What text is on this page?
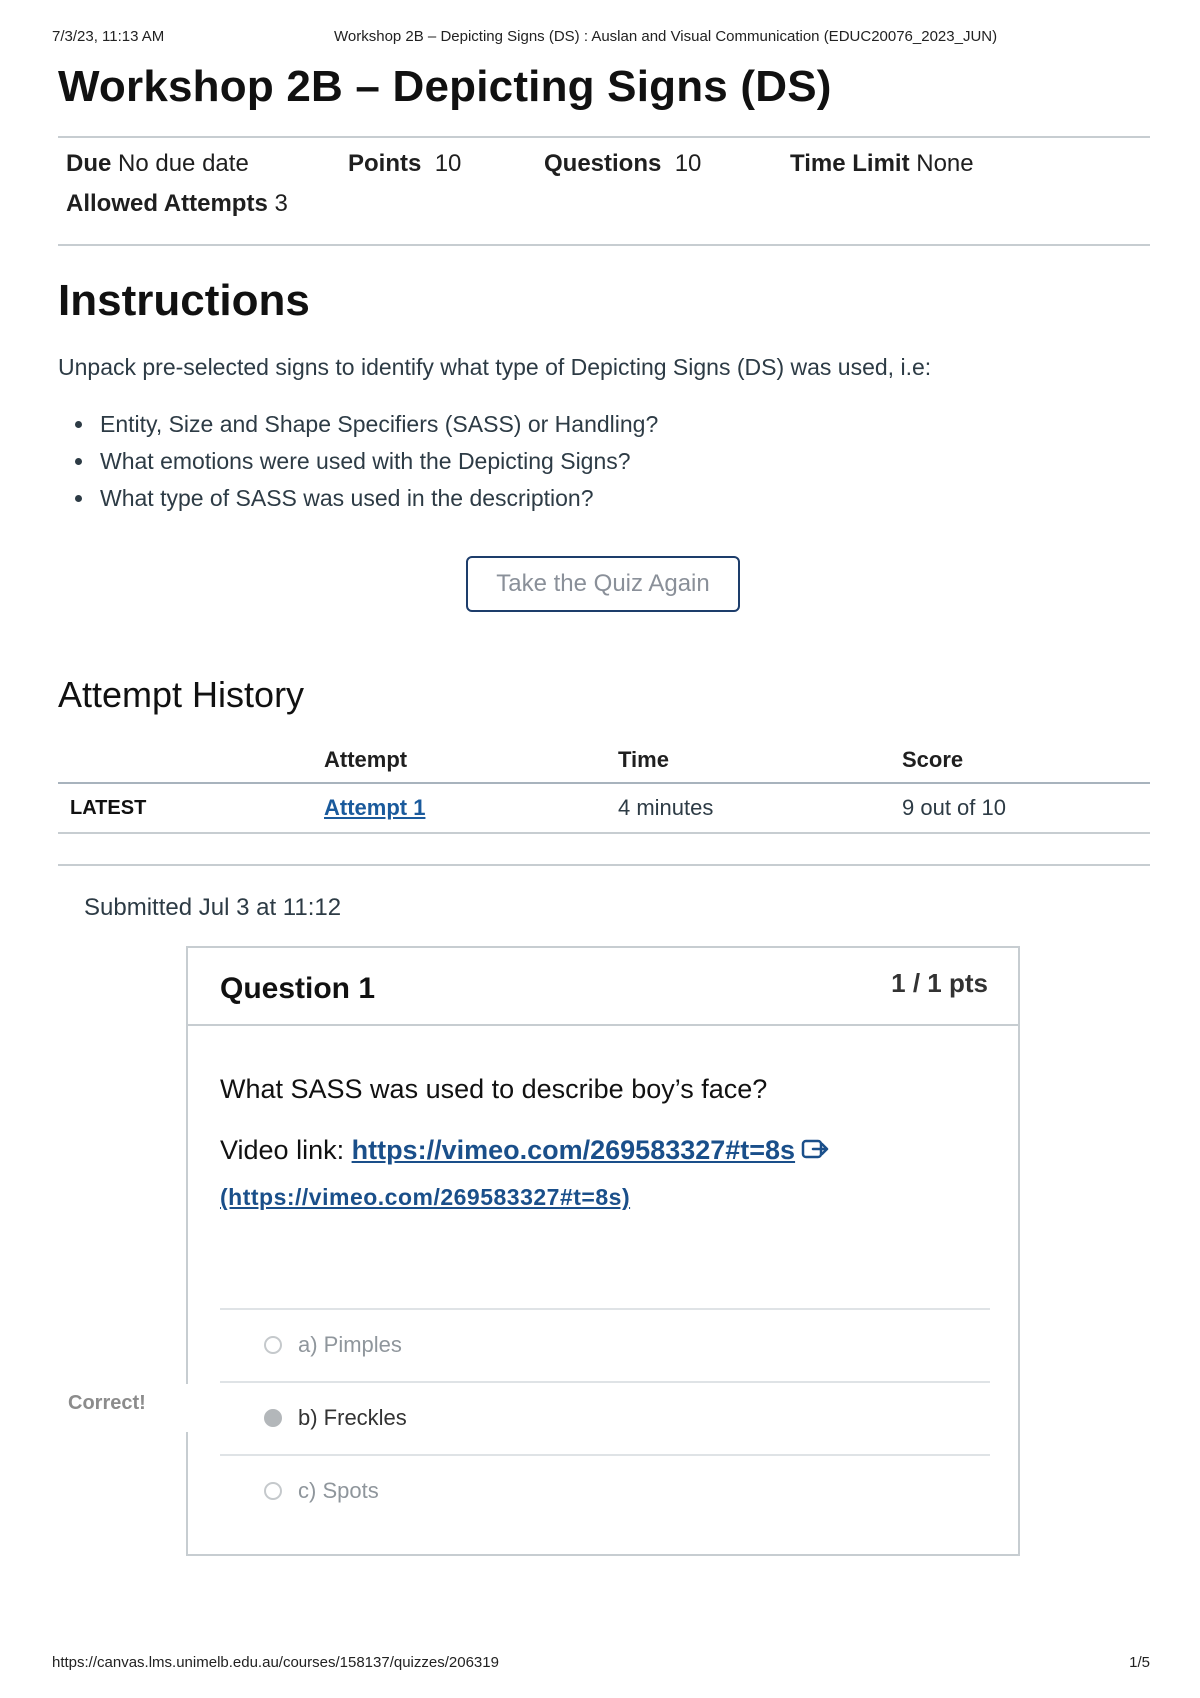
7/3/23, 11:13 AM	Workshop 2B – Depicting Signs (DS) : Auslan and Visual Communication (EDUC20076_2023_JUN)
Workshop 2B – Depicting Signs (DS)
Due No due date	Points 10	Questions 10	Time Limit None
Allowed Attempts 3
Instructions
Unpack pre-selected signs to identify what type of Depicting Signs (DS) was used, i.e:
• Entity, Size and Shape Specifiers (SASS) or Handling?
• What emotions were used with the Depicting Signs?
• What type of SASS was used in the description?
Take the Quiz Again
Attempt History
	Attempt	Time	Score
LATEST	Attempt 1	4 minutes	9 out of 10
Submitted Jul 3 at 11:12
Question 1	1 / 1 pts
What SASS was used to describe boy’s face?
Video link: https://vimeo.com/269583327#t=8s
(https://vimeo.com/269583327#t=8s)
a) Pimples
b) Freckles
c) Spots
Correct!
https://canvas.lms.unimelb.edu.au/courses/158137/quizzes/206319	1/5
